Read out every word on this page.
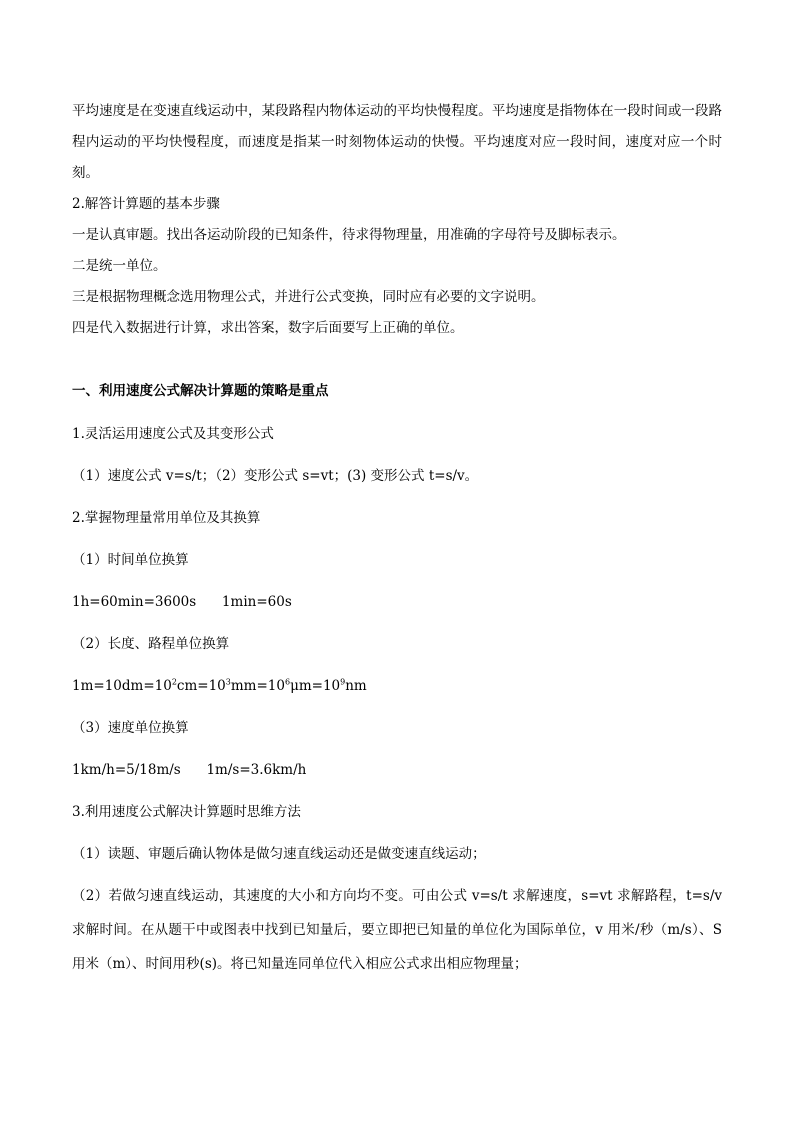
平均速度是在变速直线运动中，某段路程内物体运动的平均快慢程度。平均速度是指物体在一段时间或一段路程内运动的平均快慢程度，而速度是指某一时刻物体运动的快慢。平均速度对应一段时间，速度对应一个时刻。

2.解答计算题的基本步骤

一是认真审题。找出各运动阶段的已知条件，待求得物理量，用准确的字母符号及脚标表示。

二是统一单位。

三是根据物理概念选用物理公式，并进行公式变换，同时应有必要的文字说明。

四是代入数据进行计算，求出答案，数字后面要写上正确的单位。

一、利用速度公式解决计算题的策略是重点

1.灵活运用速度公式及其变形公式

（1）速度公式 v=s/t；（2）变形公式 s=vt；(3) 变形公式 t=s/v。

2.掌握物理量常用单位及其换算

（1）时间单位换算

1h=60min=3600s      1min=60s

（2）长度、路程单位换算

$1m=10dm=10^2cm=10^3mm=10^6\mu m=10^9nm$

（3）速度单位换算

1km/h=5/18m/s      1m/s=3.6km/h

3.利用速度公式解决计算题时思维方法

（1）读题、审题后确认物体是做匀速直线运动还是做变速直线运动；

（2）若做匀速直线运动，其速度的大小和方向均不变。可由公式 v=s/t 求解速度，s=vt 求解路程，t=s/v 求解时间。在从题干中或图表中找到已知量后，要立即把已知量的单位化为国际单位，v 用米/秒（m/s）、S 用米（m）、时间用秒(s)。将已知量连同单位代入相应公式求出相应物理量；
